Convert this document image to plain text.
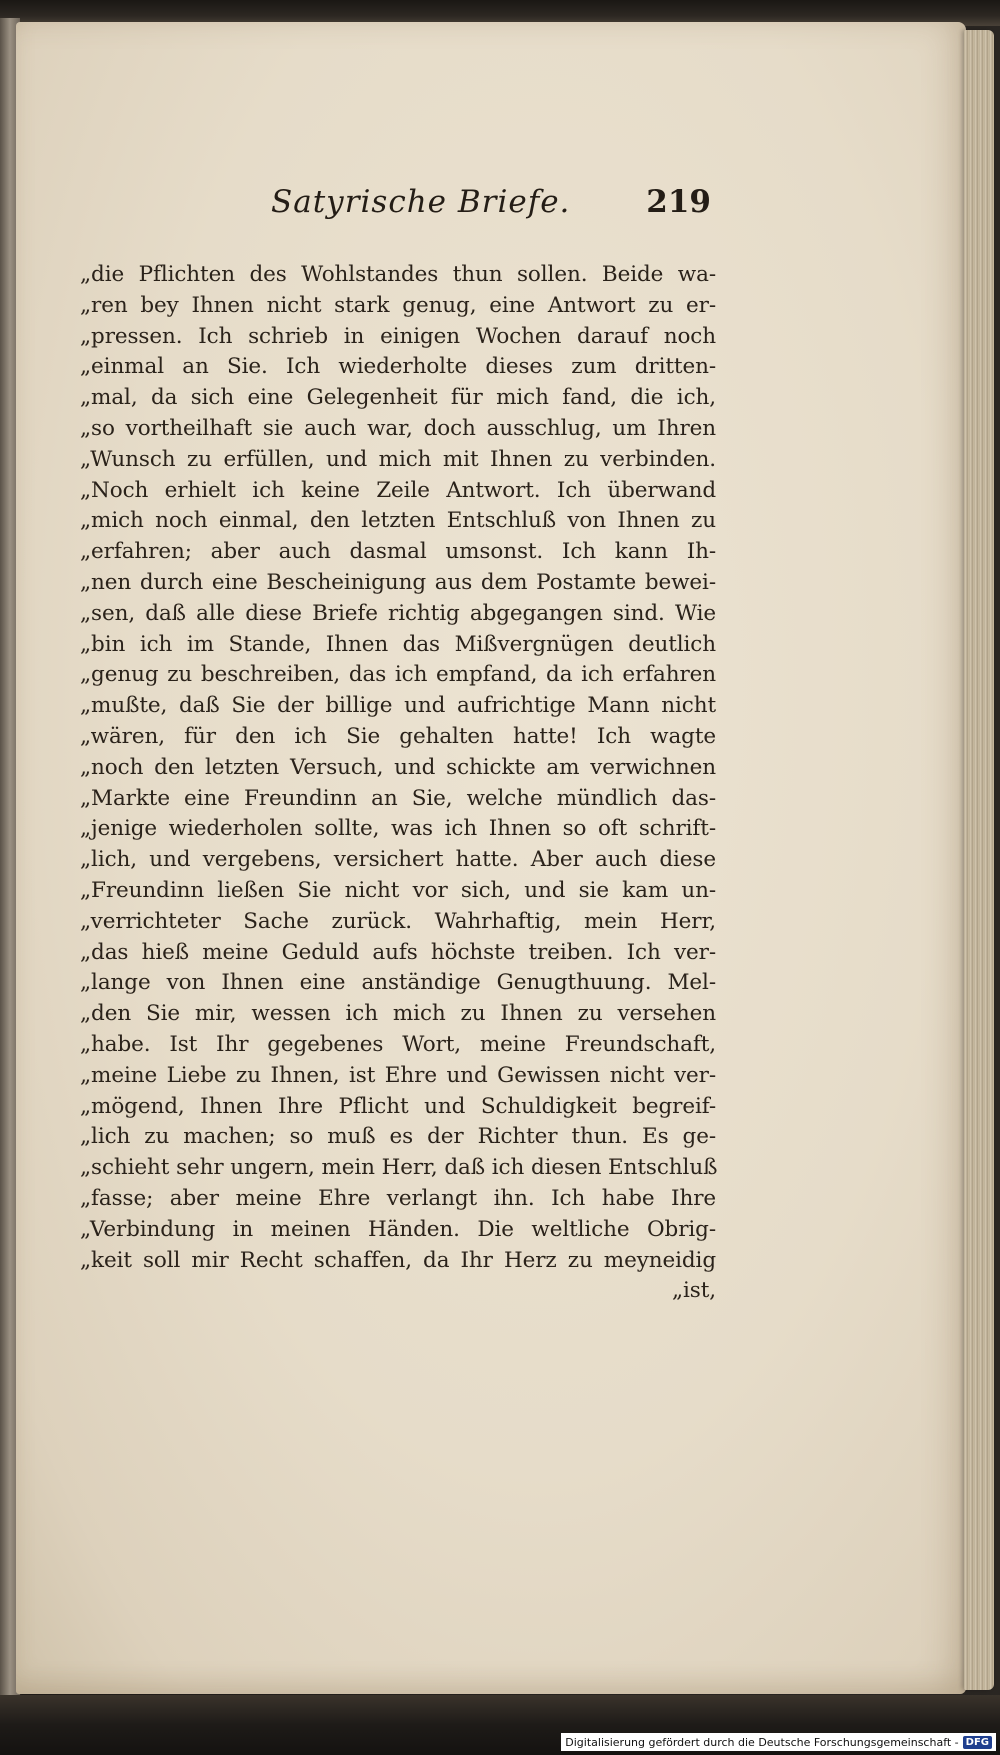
Satyrische Briefe. 219
„die Pflichten des Wohlstandes thun sollen. Beide wa-
„ren bey Ihnen nicht stark genug, eine Antwort zu er-
„pressen. Ich schrieb in einigen Wochen darauf noch
„einmal an Sie. Ich wiederholte dieses zum dritten-
„mal, da sich eine Gelegenheit für mich fand, die ich,
„so vortheilhaft sie auch war, doch ausschlug, um Ihren
„Wunsch zu erfüllen, und mich mit Ihnen zu verbinden.
„Noch erhielt ich keine Zeile Antwort. Ich überwand
„mich noch einmal, den letzten Entschluß von Ihnen zu
„erfahren; aber auch dasmal umsonst. Ich kann Ih-
„nen durch eine Bescheinigung aus dem Postamte bewei-
„sen, daß alle diese Briefe richtig abgegangen sind. Wie
„bin ich im Stande, Ihnen das Mißvergnügen deutlich
„genug zu beschreiben, das ich empfand, da ich erfahren
„mußte, daß Sie der billige und aufrichtige Mann nicht
„wären, für den ich Sie gehalten hatte! Ich wagte
„noch den letzten Versuch, und schickte am verwichnen
„Markte eine Freundinn an Sie, welche mündlich das-
„jenige wiederholen sollte, was ich Ihnen so oft schrift-
„lich, und vergebens, versichert hatte. Aber auch diese
„Freundinn ließen Sie nicht vor sich, und sie kam un-
„verrichteter Sache zurück. Wahrhaftig, mein Herr,
„das hieß meine Geduld aufs höchste treiben. Ich ver-
„lange von Ihnen eine anständige Genugthuung. Mel-
„den Sie mir, wessen ich mich zu Ihnen zu versehen
„habe. Ist Ihr gegebenes Wort, meine Freundschaft,
„meine Liebe zu Ihnen, ist Ehre und Gewissen nicht ver-
„mögend, Ihnen Ihre Pflicht und Schuldigkeit begreif-
„lich zu machen; so muß es der Richter thun. Es ge-
„schieht sehr ungern, mein Herr, daß ich diesen Entschluß
„fasse; aber meine Ehre verlangt ihn. Ich habe Ihre
„Verbindung in meinen Händen. Die weltliche Obrig-
„keit soll mir Recht schaffen, da Ihr Herz zu meyneidig
„ist,
Digitalisierung gefördert durch die Deutsche Forschungsgemeinschaft - DFG
